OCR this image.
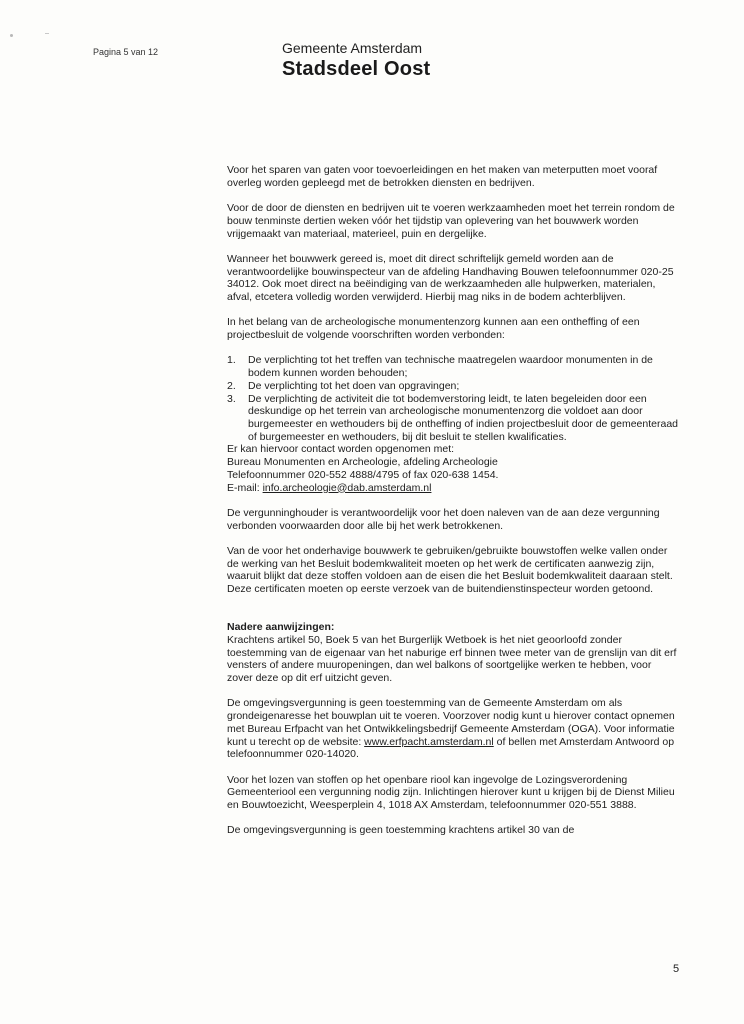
Pagina 5 van 12	Gemeente Amsterdam
Stadsdeel Oost

Voor het sparen van gaten voor toevoerleidingen en het maken van meterputten moet vooraf overleg worden gepleegd met de betrokken diensten en bedrijven.

Voor de door de diensten en bedrijven uit te voeren werkzaamheden moet het terrein rondom de bouw tenminste dertien weken vóór het tijdstip van oplevering van het bouwwerk worden vrijgemaakt van materiaal, materieel, puin en dergelijke.

Wanneer het bouwwerk gereed is, moet dit direct schriftelijk gemeld worden aan de verantwoordelijke bouwinspecteur van de afdeling Handhaving Bouwen telefoonnummer 020-25 34012. Ook moet direct na beëindiging van de werkzaamheden alle hulpwerken, materialen, afval, etcetera volledig worden verwijderd. Hierbij mag niks in de bodem achterblijven.

In het belang van de archeologische monumentenzorg kunnen aan een ontheffing of een projectbesluit de volgende voorschriften worden verbonden:

1. De verplichting tot het treffen van technische maatregelen waardoor monumenten in de bodem kunnen worden behouden;
2. De verplichting tot het doen van opgravingen;
3. De verplichting de activiteit die tot bodemverstoring leidt, te laten begeleiden door een deskundige op het terrein van archeologische monumentenzorg die voldoet aan door burgemeester en wethouders bij de ontheffing of indien projectbesluit door de gemeenteraad of burgemeester en wethouders, bij dit besluit te stellen kwalificaties.
Er kan hiervoor contact worden opgenomen met:
Bureau Monumenten en Archeologie, afdeling Archeologie
Telefoonnummer 020-552 4888/4795 of fax 020-638 1454.
E-mail: info.archeologie@dab.amsterdam.nl

De vergunninghouder is verantwoordelijk voor het doen naleven van de aan deze vergunning verbonden voorwaarden door alle bij het werk betrokkenen.

Van de voor het onderhavige bouwwerk te gebruiken/gebruikte bouwstoffen welke vallen onder de werking van het Besluit bodemkwaliteit moeten op het werk de certificaten aanwezig zijn, waaruit blijkt dat deze stoffen voldoen aan de eisen die het Besluit bodemkwaliteit daaraan stelt.
Deze certificaten moeten op eerste verzoek van de buitendienstinspecteur worden getoond.

Nadere aanwijzingen:
Krachtens artikel 50, Boek 5 van het Burgerlijk Wetboek is het niet geoorloofd zonder toestemming van de eigenaar van het naburige erf binnen twee meter van de grenslijn van dit erf vensters of andere muuropeningen, dan wel balkons of soortgelijke werken te hebben, voor zover deze op dit erf uitzicht geven.

De omgevingsvergunning is geen toestemming van de Gemeente Amsterdam om als grondeigenaresse het bouwplan uit te voeren. Voorzover nodig kunt u hierover contact opnemen met Bureau Erfpacht van het Ontwikkelingsbedrijf Gemeente Amsterdam (OGA). Voor informatie kunt u terecht op de website: www.erfpacht.amsterdam.nl of bellen met Amsterdam Antwoord op telefoonnummer 020-14020.

Voor het lozen van stoffen op het openbare riool kan ingevolge de Lozingsverordening Gemeenteriool een vergunning nodig zijn. Inlichtingen hierover kunt u krijgen bij de Dienst Milieu en Bouwtoezicht, Weesperplein 4, 1018 AX Amsterdam, telefoonnummer 020-551 3888.

De omgevingsvergunning is geen toestemming krachtens artikel 30 van de

5
